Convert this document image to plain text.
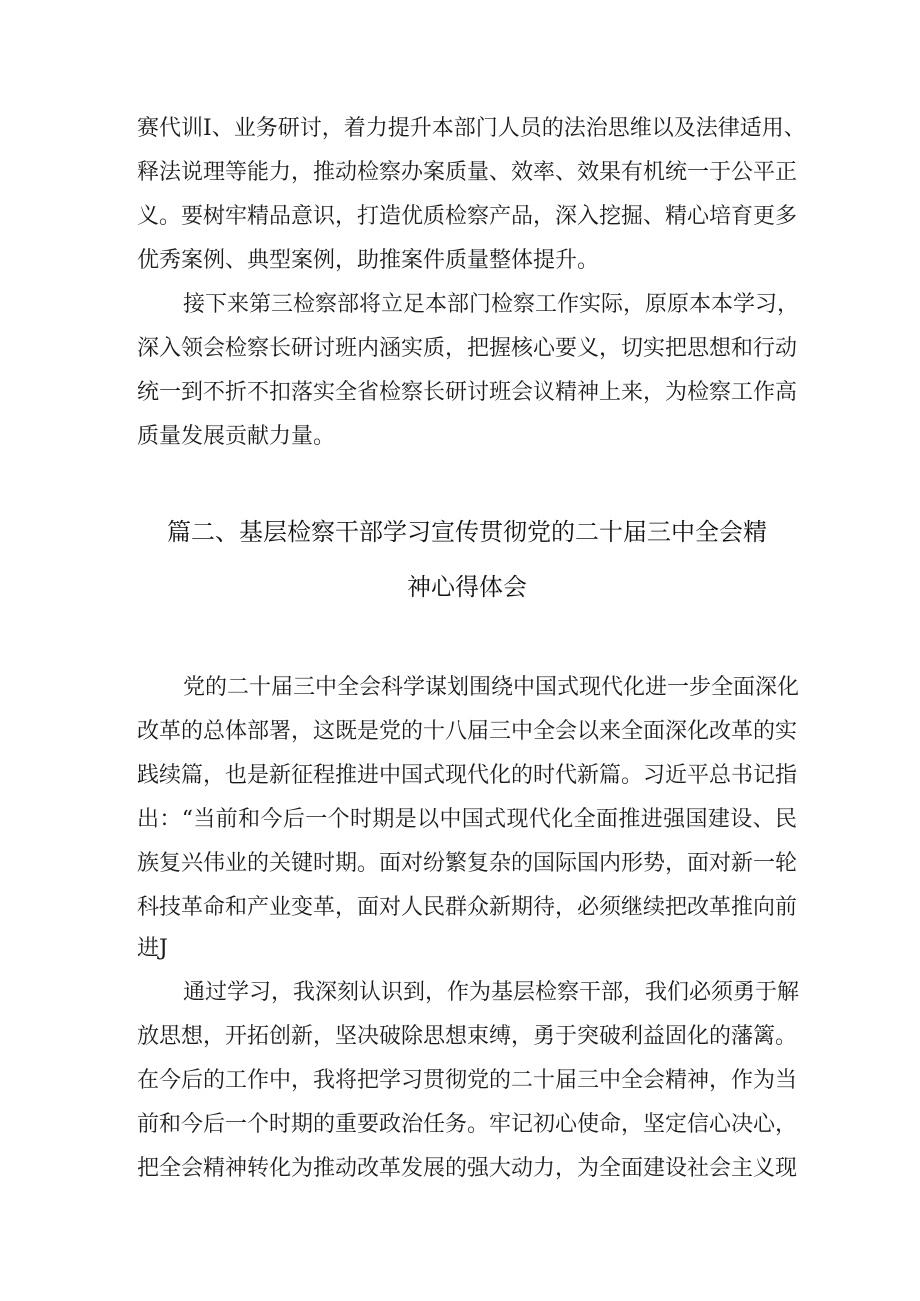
赛代训I、业务研讨，着力提升本部门人员的法治思维以及法律适用、
释法说理等能力，推动检察办案质量、效率、效果有机统一于公平正
义。要树牢精品意识，打造优质检察产品，深入挖掘、精心培育更多
优秀案例、典型案例，助推案件质量整体提升。
接下来第三检察部将立足本部门检察工作实际，原原本本学习，
深入领会检察长研讨班内涵实质，把握核心要义，切实把思想和行动
统一到不折不扣落实全省检察长研讨班会议精神上来，为检察工作高
质量发展贡献力量。
篇二、基层检察干部学习宣传贯彻党的二十届三中全会精
神心得体会
党的二十届三中全会科学谋划围绕中国式现代化进一步全面深化
改革的总体部署，这既是党的十八届三中全会以来全面深化改革的实
践续篇，也是新征程推进中国式现代化的时代新篇。习近平总书记指
出：“当前和今后一个时期是以中国式现代化全面推进强国建设、民
族复兴伟业的关键时期。面对纷繁复杂的国际国内形势，面对新一轮
科技革命和产业变革，面对人民群众新期待，必须继续把改革推向前
进J
通过学习，我深刻认识到，作为基层检察干部，我们必须勇于解
放思想，开拓创新，坚决破除思想束缚，勇于突破利益固化的藩篱。
在今后的工作中，我将把学习贯彻党的二十届三中全会精神，作为当
前和今后一个时期的重要政治任务。牢记初心使命，坚定信心决心，
把全会精神转化为推动改革发展的强大动力，为全面建设社会主义现
